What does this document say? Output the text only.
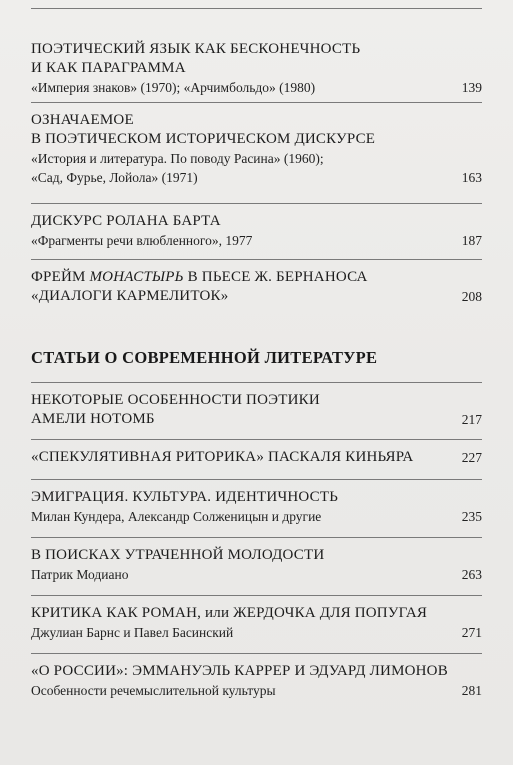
ПОЭТИЧЕСКИЙ ЯЗЫК КАК БЕСКОНЕЧНОСТЬ
И КАК ПАРАГРАММА
«Империя знаков» (1970); «Арчимбольдо» (1980)	139
ОЗНАЧАЕМОЕ
В ПОЭТИЧЕСКОМ ИСТОРИЧЕСКОМ ДИСКУРСЕ
«История и литература. По поводу Расина» (1960);
«Сад, Фурье, Лойола» (1971)	163
ДИСКУРС РОЛАНА БАРТА
«Фрагменты речи влюбленного», 1977	187
ФРЕЙМ МОНАСТЫРЬ В ПЬЕСЕ Ж. БЕРНАНОСА
«ДИАЛОГИ КАРМЕЛИТОК»	208
СТАТЬИ О СОВРЕМЕННОЙ ЛИТЕРАТУРЕ
НЕКОТОРЫЕ ОСОБЕННОСТИ ПОЭТИКИ
АМЕЛИ НОТОМБ	217
«СПЕКУЛЯТИВНАЯ РИТОРИКА» ПАСКАЛЯ КИНЬЯРА	227
ЭМИГРАЦИЯ. КУЛЬТУРА. ИДЕНТИЧНОСТЬ
Милан Кундера, Александр Солженицын и другие	235
В ПОИСКАХ УТРАЧЕННОЙ МОЛОДОСТИ
Патрик Модиано	263
КРИТИКА КАК РОМАН, или ЖЕРДОЧКА ДЛЯ ПОПУГАЯ
Джулиан Барнс и Павел Басинский	271
«О РОССИИ»: ЭММАНУЭЛЬ КАРРЕР И ЭДУАРД ЛИМОНОВ
Особенности речемыслительной культуры	281
